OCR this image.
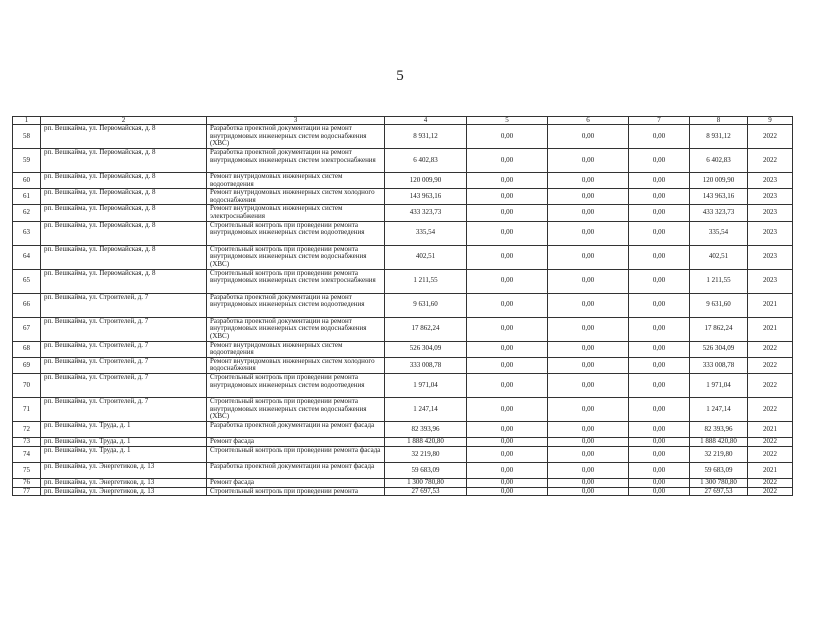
5
1	2	3	4	5	6	7	8	9
58	рп. Вешкайма, ул. Первомайская, д. 8	Разработка проектной документации на ремонт внутридомовых инженерных систем водоснабжения (ХВС)	8 931,12	0,00	0,00	0,00	8 931,12	2022
59	рп. Вешкайма, ул. Первомайская, д. 8	Разработка проектной документации на ремонт внутридомовых инженерных систем электроснабжения	6 402,83	0,00	0,00	0,00	6 402,83	2022
60	рп. Вешкайма, ул. Первомайская, д. 8	Ремонт внутридомовых инженерных систем водоотведения	120 009,90	0,00	0,00	0,00	120 009,90	2023
61	рп. Вешкайма, ул. Первомайская, д. 8	Ремонт внутридомовых инженерных систем холодного водоснабжения	143 963,16	0,00	0,00	0,00	143 963,16	2023
62	рп. Вешкайма, ул. Первомайская, д. 8	Ремонт внутридомовых инженерных систем электроснабжения	433 323,73	0,00	0,00	0,00	433 323,73	2023
63	рп. Вешкайма, ул. Первомайская, д. 8	Строительный контроль при проведении ремонта внутридомовых инженерных систем водоотведения	335,54	0,00	0,00	0,00	335,54	2023
64	рп. Вешкайма, ул. Первомайская, д. 8	Строительный контроль при проведении ремонта внутридомовых инженерных систем водоснабжения (ХВС)	402,51	0,00	0,00	0,00	402,51	2023
65	рп. Вешкайма, ул. Первомайская, д. 8	Строительный контроль при проведении ремонта внутридомовых инженерных систем электроснабжения	1 211,55	0,00	0,00	0,00	1 211,55	2023
66	рп. Вешкайма, ул. Строителей, д. 7	Разработка проектной документации на ремонт внутридомовых инженерных систем водоотведения	9 631,60	0,00	0,00	0,00	9 631,60	2021
67	рп. Вешкайма, ул. Строителей, д. 7	Разработка проектной документации на ремонт внутридомовых инженерных систем водоснабжения (ХВС)	17 862,24	0,00	0,00	0,00	17 862,24	2021
68	рп. Вешкайма, ул. Строителей, д. 7	Ремонт внутридомовых инженерных систем водоотведения	526 304,09	0,00	0,00	0,00	526 304,09	2022
69	рп. Вешкайма, ул. Строителей, д. 7	Ремонт внутридомовых инженерных систем холодного водоснабжения	333 008,78	0,00	0,00	0,00	333 008,78	2022
70	рп. Вешкайма, ул. Строителей, д. 7	Строительный контроль при проведении ремонта внутридомовых инженерных систем водоотведения	1 971,04	0,00	0,00	0,00	1 971,04	2022
71	рп. Вешкайма, ул. Строителей, д. 7	Строительный контроль при проведении ремонта внутридомовых инженерных систем водоснабжения (ХВС)	1 247,14	0,00	0,00	0,00	1 247,14	2022
72	рп. Вешкайма, ул. Труда, д. 1	Разработка проектной документации на ремонт фасада	82 393,96	0,00	0,00	0,00	82 393,96	2021
73	рп. Вешкайма, ул. Труда, д. 1	Ремонт фасада	1 888 420,80	0,00	0,00	0,00	1 888 420,80	2022
74	рп. Вешкайма, ул. Труда, д. 1	Строительный контроль при проведении ремонта фасада	32 219,80	0,00	0,00	0,00	32 219,80	2022
75	рп. Вешкайма, ул. Энергетиков, д. 13	Разработка проектной документации на ремонт фасада	59 683,09	0,00	0,00	0,00	59 683,09	2021
76	рп. Вешкайма, ул. Энергетиков, д. 13	Ремонт фасада	1 300 780,80	0,00	0,00	0,00	1 300 780,80	2022
77	рп. Вешкайма, ул. Энергетиков, д. 13	Строительный контроль при проведении ремонта	27 697,53	0,00	0,00	0,00	27 697,53	2022
